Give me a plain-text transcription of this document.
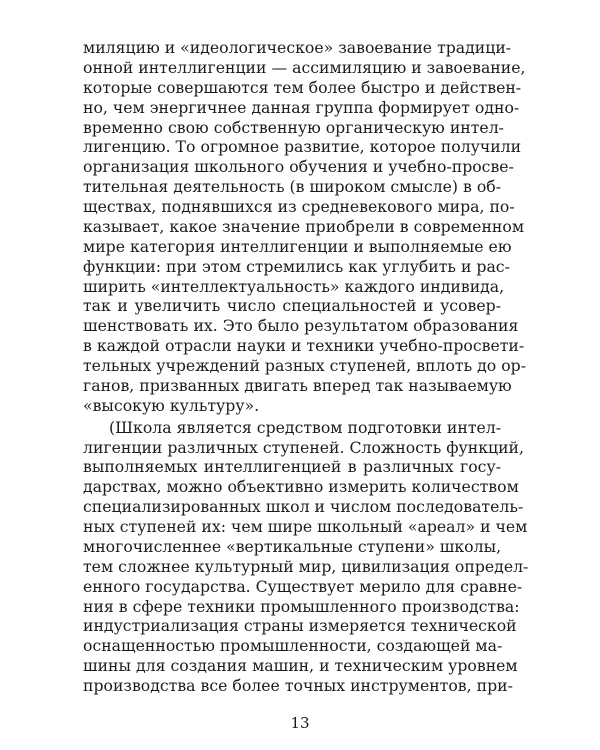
миляцию и «идеологическое» завоевание традици-
онной интеллигенции — ассимиляцию и завоевание,
которые совершаются тем более быстро и действен-
но, чем энергичнее данная группа формирует одно-
временно свою собственную органическую интел-
лигенцию. То огромное развитие, которое получили
организация школьного обучения и учебно-просве-
тительная деятельность (в широком смысле) в об-
ществах, поднявшихся из средневекового мира, по-
казывает, какое значение приобрели в современном
мире категория интеллигенции и выполняемые ею
функции: при этом стремились как углубить и рас-
ширить «интеллектуальность» каждого индивида,
так и увеличить число специальностей и усовер-
шенствовать их. Это было результатом образования
в каждой отрасли науки и техники учебно-просвети-
тельных учреждений разных ступеней, вплоть до ор-
ганов, призванных двигать вперед так называемую
«высокую культуру».
(Школа является средством подготовки интел-
лигенции различных ступеней. Сложность функций,
выполняемых интеллигенцией в различных госу-
дарствах, можно объективно измерить количеством
специализированных школ и числом последователь-
ных ступеней их: чем шире школьный «ареал» и чем
многочисленнее «вертикальные ступени» школы,
тем сложнее культурный мир, цивилизация определ-
енного государства. Существует мерило для сравне-
ния в сфере техники промышленного производства:
индустриализация страны измеряется технической
оснащенностью промышленности, создающей ма-
шины для создания машин, и техническим уровнем
производства все более точных инструментов, при-
13
